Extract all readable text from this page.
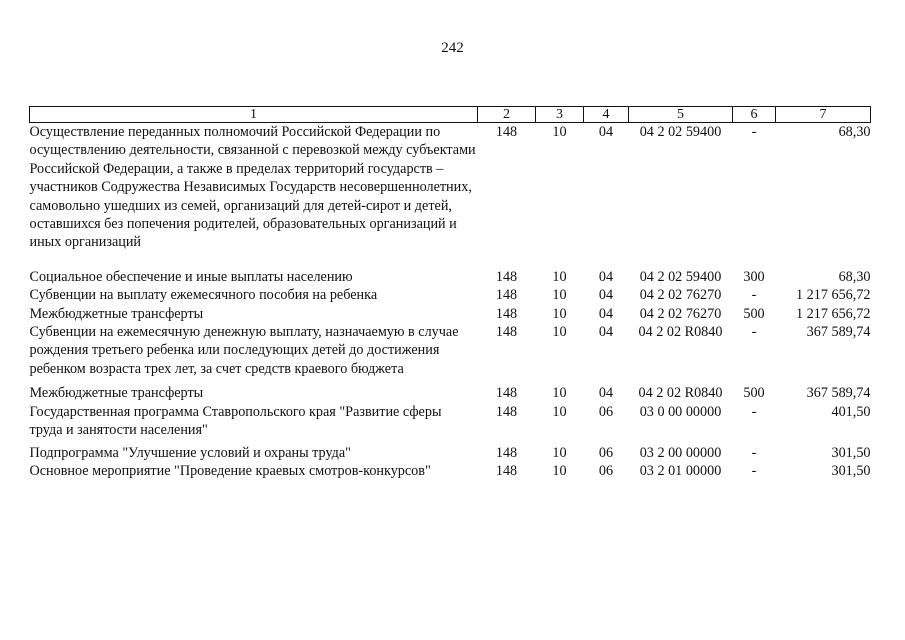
242
1	2	3	4	5	6	7
Осуществление переданных полномочий Российской Федерации по осуществлению деятельности, связанной с перевозкой между субъектами Российской Федерации, а также в пределах территорий государств – участников Содружества Независимых Государств несовершеннолетних, самовольно ушедших из семей, организаций для детей-сирот и детей, оставшихся без попечения родителей, образовательных организаций и иных организаций	148	10	04	04 2 02 59400	-	68,30
Социальное обеспечение и иные выплаты населению	148	10	04	04 2 02 59400	300	68,30
Субвенции на выплату ежемесячного пособия на ребенка	148	10	04	04 2 02 76270	-	1 217 656,72
Межбюджетные трансферты	148	10	04	04 2 02 76270	500	1 217 656,72
Субвенции на ежемесячную денежную выплату, назначаемую в случае рождения третьего ребенка или последующих детей до достижения ребенком возраста трех лет, за счет средств краевого бюджета	148	10	04	04 2 02 R0840	-	367 589,74
Межбюджетные трансферты	148	10	04	04 2 02 R0840	500	367 589,74
Государственная программа Ставропольского края "Развитие сферы труда и занятости населения"	148	10	06	03 0 00 00000	-	401,50
Подпрограмма "Улучшение условий и охраны труда"	148	10	06	03 2 00 00000	-	301,50
Основное мероприятие "Проведение краевых смотров-конкурсов"	148	10	06	03 2 01 00000	-	301,50
